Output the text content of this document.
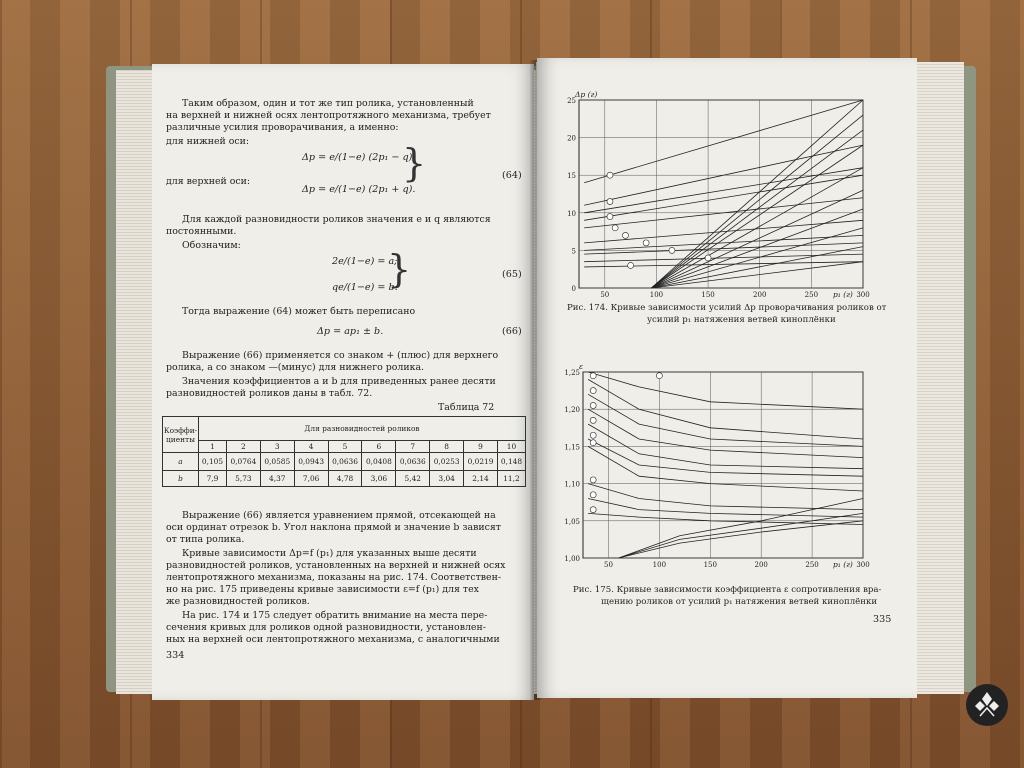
Таким образом, один и тот же тип ролика, установленный
на верхней и нижней осях лентопротяжного механизма, требует
различные усилия проворачивания, а именно:
для нижней оси:
Δp = e/(1−e) (2p₁ − q);
для верхней оси:
Δp = e/(1−e) (2p₁ + q).
}	(64)
Для каждой разновидности роликов значения e и q являются
постоянными.
Обозначим:
2e/(1−e) = a;
qe/(1−e) = b.
}	(65)
Тогда выражение (64) может быть переписано
Δp = ap₁ ± b.	(66)
Выражение (66) применяется со знаком + (плюс) для верхнего
ролика, а со знаком —(минус) для нижнего ролика.
Значения коэффициентов a и b для приведенных ранее десяти
разновидностей роликов даны в табл. 72.
Таблица 72
Коэффи-циенты	Для разновидностей роликов									
	1	2	3	4	5	6	7	8	9	10
a	0,105	0,0764	0,0585	0,0943	0,0636	0,0408	0,0636	0,0253	0,0219	0,148
b	7,9	5,73	4,37	7,06	4,78	3,06	5,42	3,04	2,14	11,2
Выражение (66) является уравнением прямой, отсекающей на
оси ординат отрезок b. Угол наклона прямой и значение b зависят
от типа ролика.
Кривые зависимости Δp=f (p₁) для указанных выше десяти
разновидностей роликов, установленных на верхней и нижней осях
лентопротяжного механизма, показаны на рис. 174. Соответствен-
но на рис. 175 приведены кривые зависимости ε=f (p₁) для тех
же разновидностей роликов.
На рис. 174 и 175 следует обратить внимание на места пере-
сечения кривых для роликов одной разновидности, установлен-
ных на верхней оси лентопротяжного механизма, с аналогичными
334
50	100	150	200	250	300
0
5
10
15
20
25
Δp (г)
p₁ (г)
Рис. 174. Кривые зависимости усилий Δp проворачивания роликов от
усилий p₁ натяжения ветвей киноплёнки
50	100	150	200	250	300
1,00
1,05
1,10
1,15
1,20
1,25
ε
p₁ (г)
Рис. 175. Кривые зависимости коэффициента ε сопротивления вра-
щению роликов от усилий p₁ натяжения ветвей киноплёнки
335
